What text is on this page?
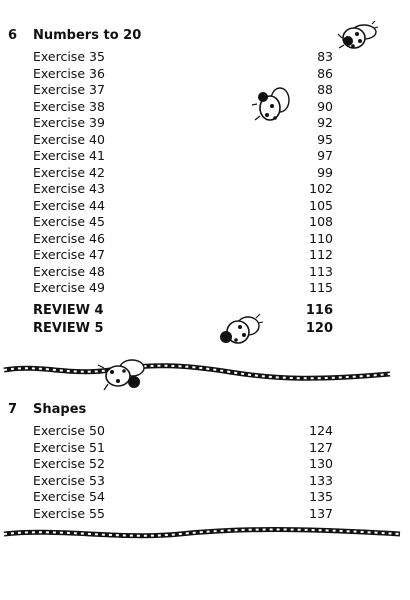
6 Numbers to 20
Exercise 35	83
Exercise 36	86
Exercise 37	88
Exercise 38	90
Exercise 39	92
Exercise 40	95
Exercise 41	97
Exercise 42	99
Exercise 43	102
Exercise 44	105
Exercise 45	108
Exercise 46	110
Exercise 47	112
Exercise 48	113
Exercise 49	115
REVIEW 4	116
REVIEW 5	120
7 Shapes
Exercise 50	124
Exercise 51	127
Exercise 52	130
Exercise 53	133
Exercise 54	135
Exercise 55	137
